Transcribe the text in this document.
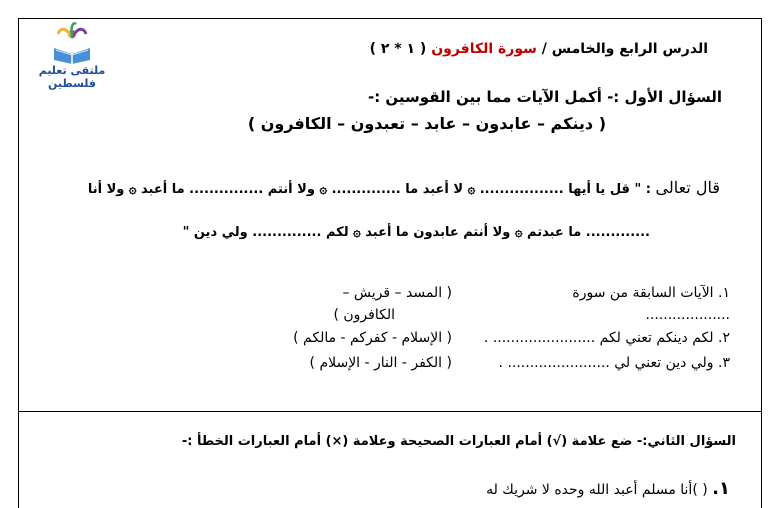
ملتقى تعليم فلسطين
الدرس الرابع والخامس / سورة الكافرون ( ١ * ٢ )
السؤال الأول :- أكمل الآيات مما بين القوسين :-
( دينكم – عابدون – عابد – تعبدون – الكافرون )
قال تعالى : " قل يا أيها ................. ۞ لا أعبد ما .............. ۞ ولا أنتم ............... ما أعبد ۞ ولا أنا
............. ما عبدتم ۞ ولا أنتم عابدون ما أعبد ۞ لكم .............. ولي دين "
١. الآيات السابقة من سورة
...................
( المسد – قريش –
الكافرون )
٢. لكم دينكم تعني لكم ....................... .
( الإسلام - كفركم - مالكم )
٣. ولي دين تعني لي ....................... .
( الكفر - النار - الإسلام )
السؤال الثاني:- ضع علامة (√) أمام العبارات الصحيحة وعلامة (×) أمام العبارات الخطأ :-
١. ( )أنا مسلم أعبد الله وحده لا شريك له
